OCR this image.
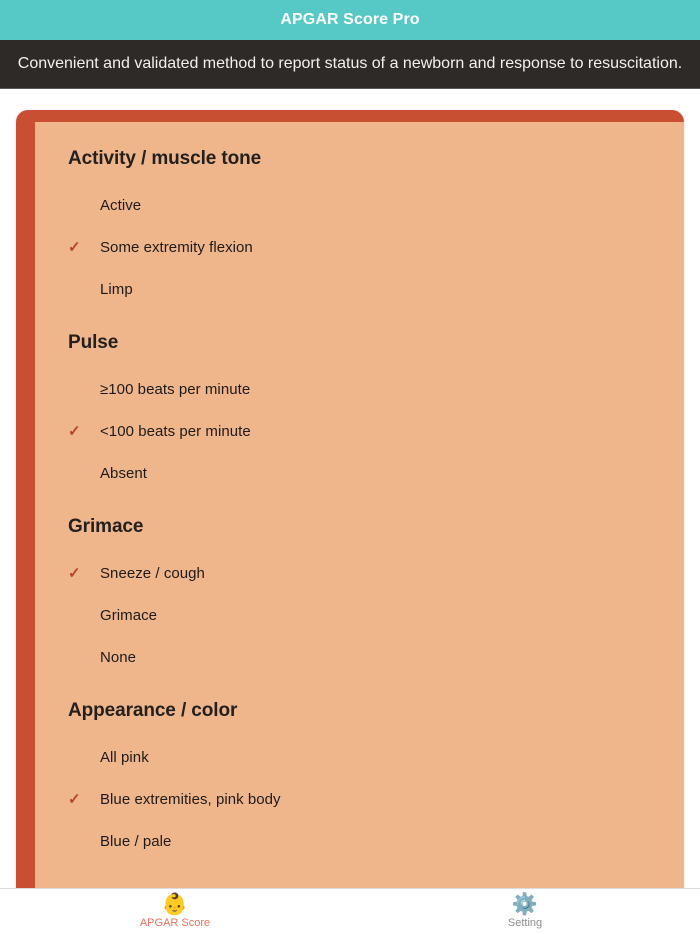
APGAR Score Pro
Convenient and validated method to report status of a newborn and response to resuscitation.
Activity / muscle tone
Active
✓	Some extremity flexion
Limp
Pulse
≥100 beats per minute
✓	<100 beats per minute
Absent
Grimace
✓	Sneeze / cough
Grimace
None
Appearance / color
All pink
✓	Blue extremities, pink body
Blue / pale
👶
APGAR Score
⚙️
Setting
